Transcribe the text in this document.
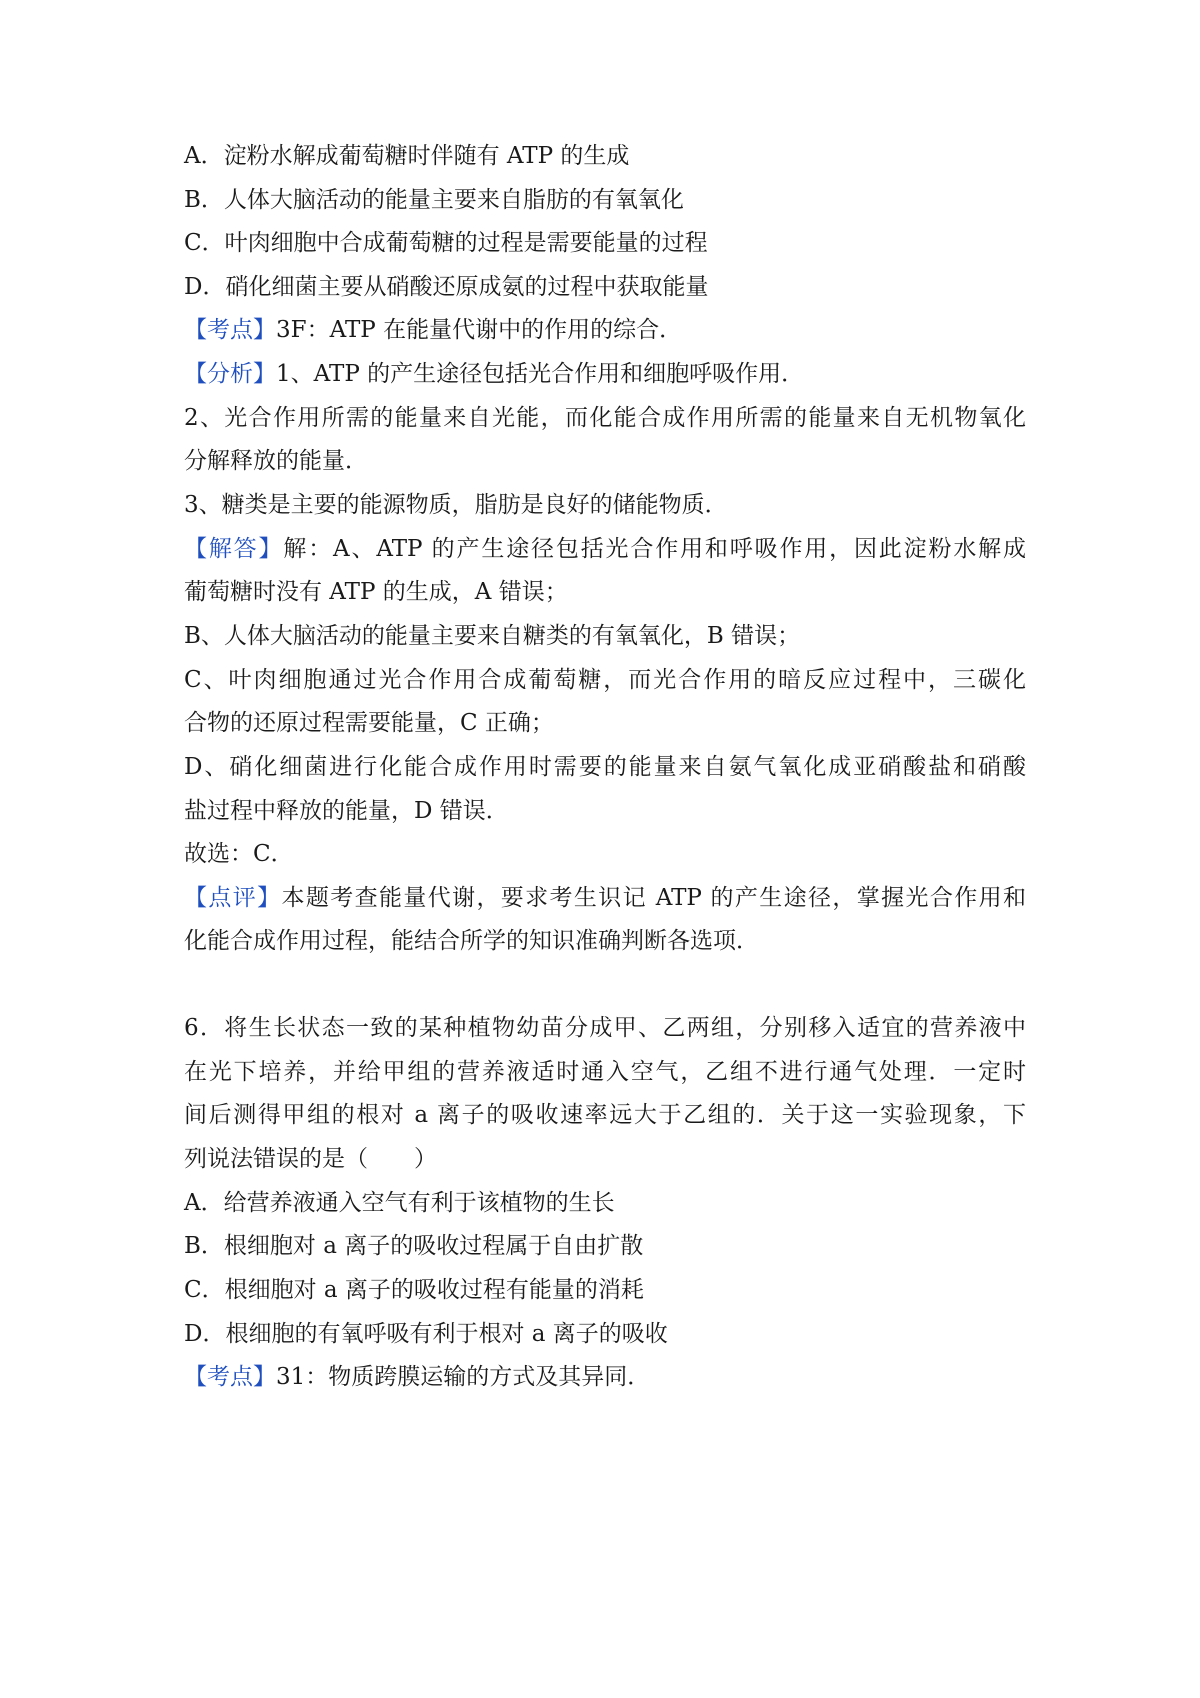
A．淀粉水解成葡萄糖时伴随有 ATP 的生成
B．人体大脑活动的能量主要来自脂肪的有氧氧化
C．叶肉细胞中合成葡萄糖的过程是需要能量的过程
D．硝化细菌主要从硝酸还原成氨的过程中获取能量
【考点】3F：ATP 在能量代谢中的作用的综合．
【分析】1、ATP 的产生途径包括光合作用和细胞呼吸作用．
2、光合作用所需的能量来自光能，而化能合成作用所需的能量来自无机物氧化
分解释放的能量．
3、糖类是主要的能源物质，脂肪是良好的储能物质．
【解答】解：A、ATP 的产生途径包括光合作用和呼吸作用，因此淀粉水解成
葡萄糖时没有 ATP 的生成，A 错误；
B、人体大脑活动的能量主要来自糖类的有氧氧化，B 错误；
C、叶肉细胞通过光合作用合成葡萄糖，而光合作用的暗反应过程中，三碳化
合物的还原过程需要能量，C 正确；
D、硝化细菌进行化能合成作用时需要的能量来自氨气氧化成亚硝酸盐和硝酸
盐过程中释放的能量，D 错误．
故选：C．
【点评】本题考查能量代谢，要求考生识记 ATP 的产生途径，掌握光合作用和
化能合成作用过程，能结合所学的知识准确判断各选项．
6．将生长状态一致的某种植物幼苗分成甲、乙两组，分别移入适宜的营养液中
在光下培养，并给甲组的营养液适时通入空气，乙组不进行通气处理．一定时
间后测得甲组的根对 a 离子的吸收速率远大于乙组的．关于这一实验现象，下
列说法错误的是（　　）
A．给营养液通入空气有利于该植物的生长
B．根细胞对 a 离子的吸收过程属于自由扩散
C．根细胞对 a 离子的吸收过程有能量的消耗
D．根细胞的有氧呼吸有利于根对 a 离子的吸收
【考点】31：物质跨膜运输的方式及其异同．
